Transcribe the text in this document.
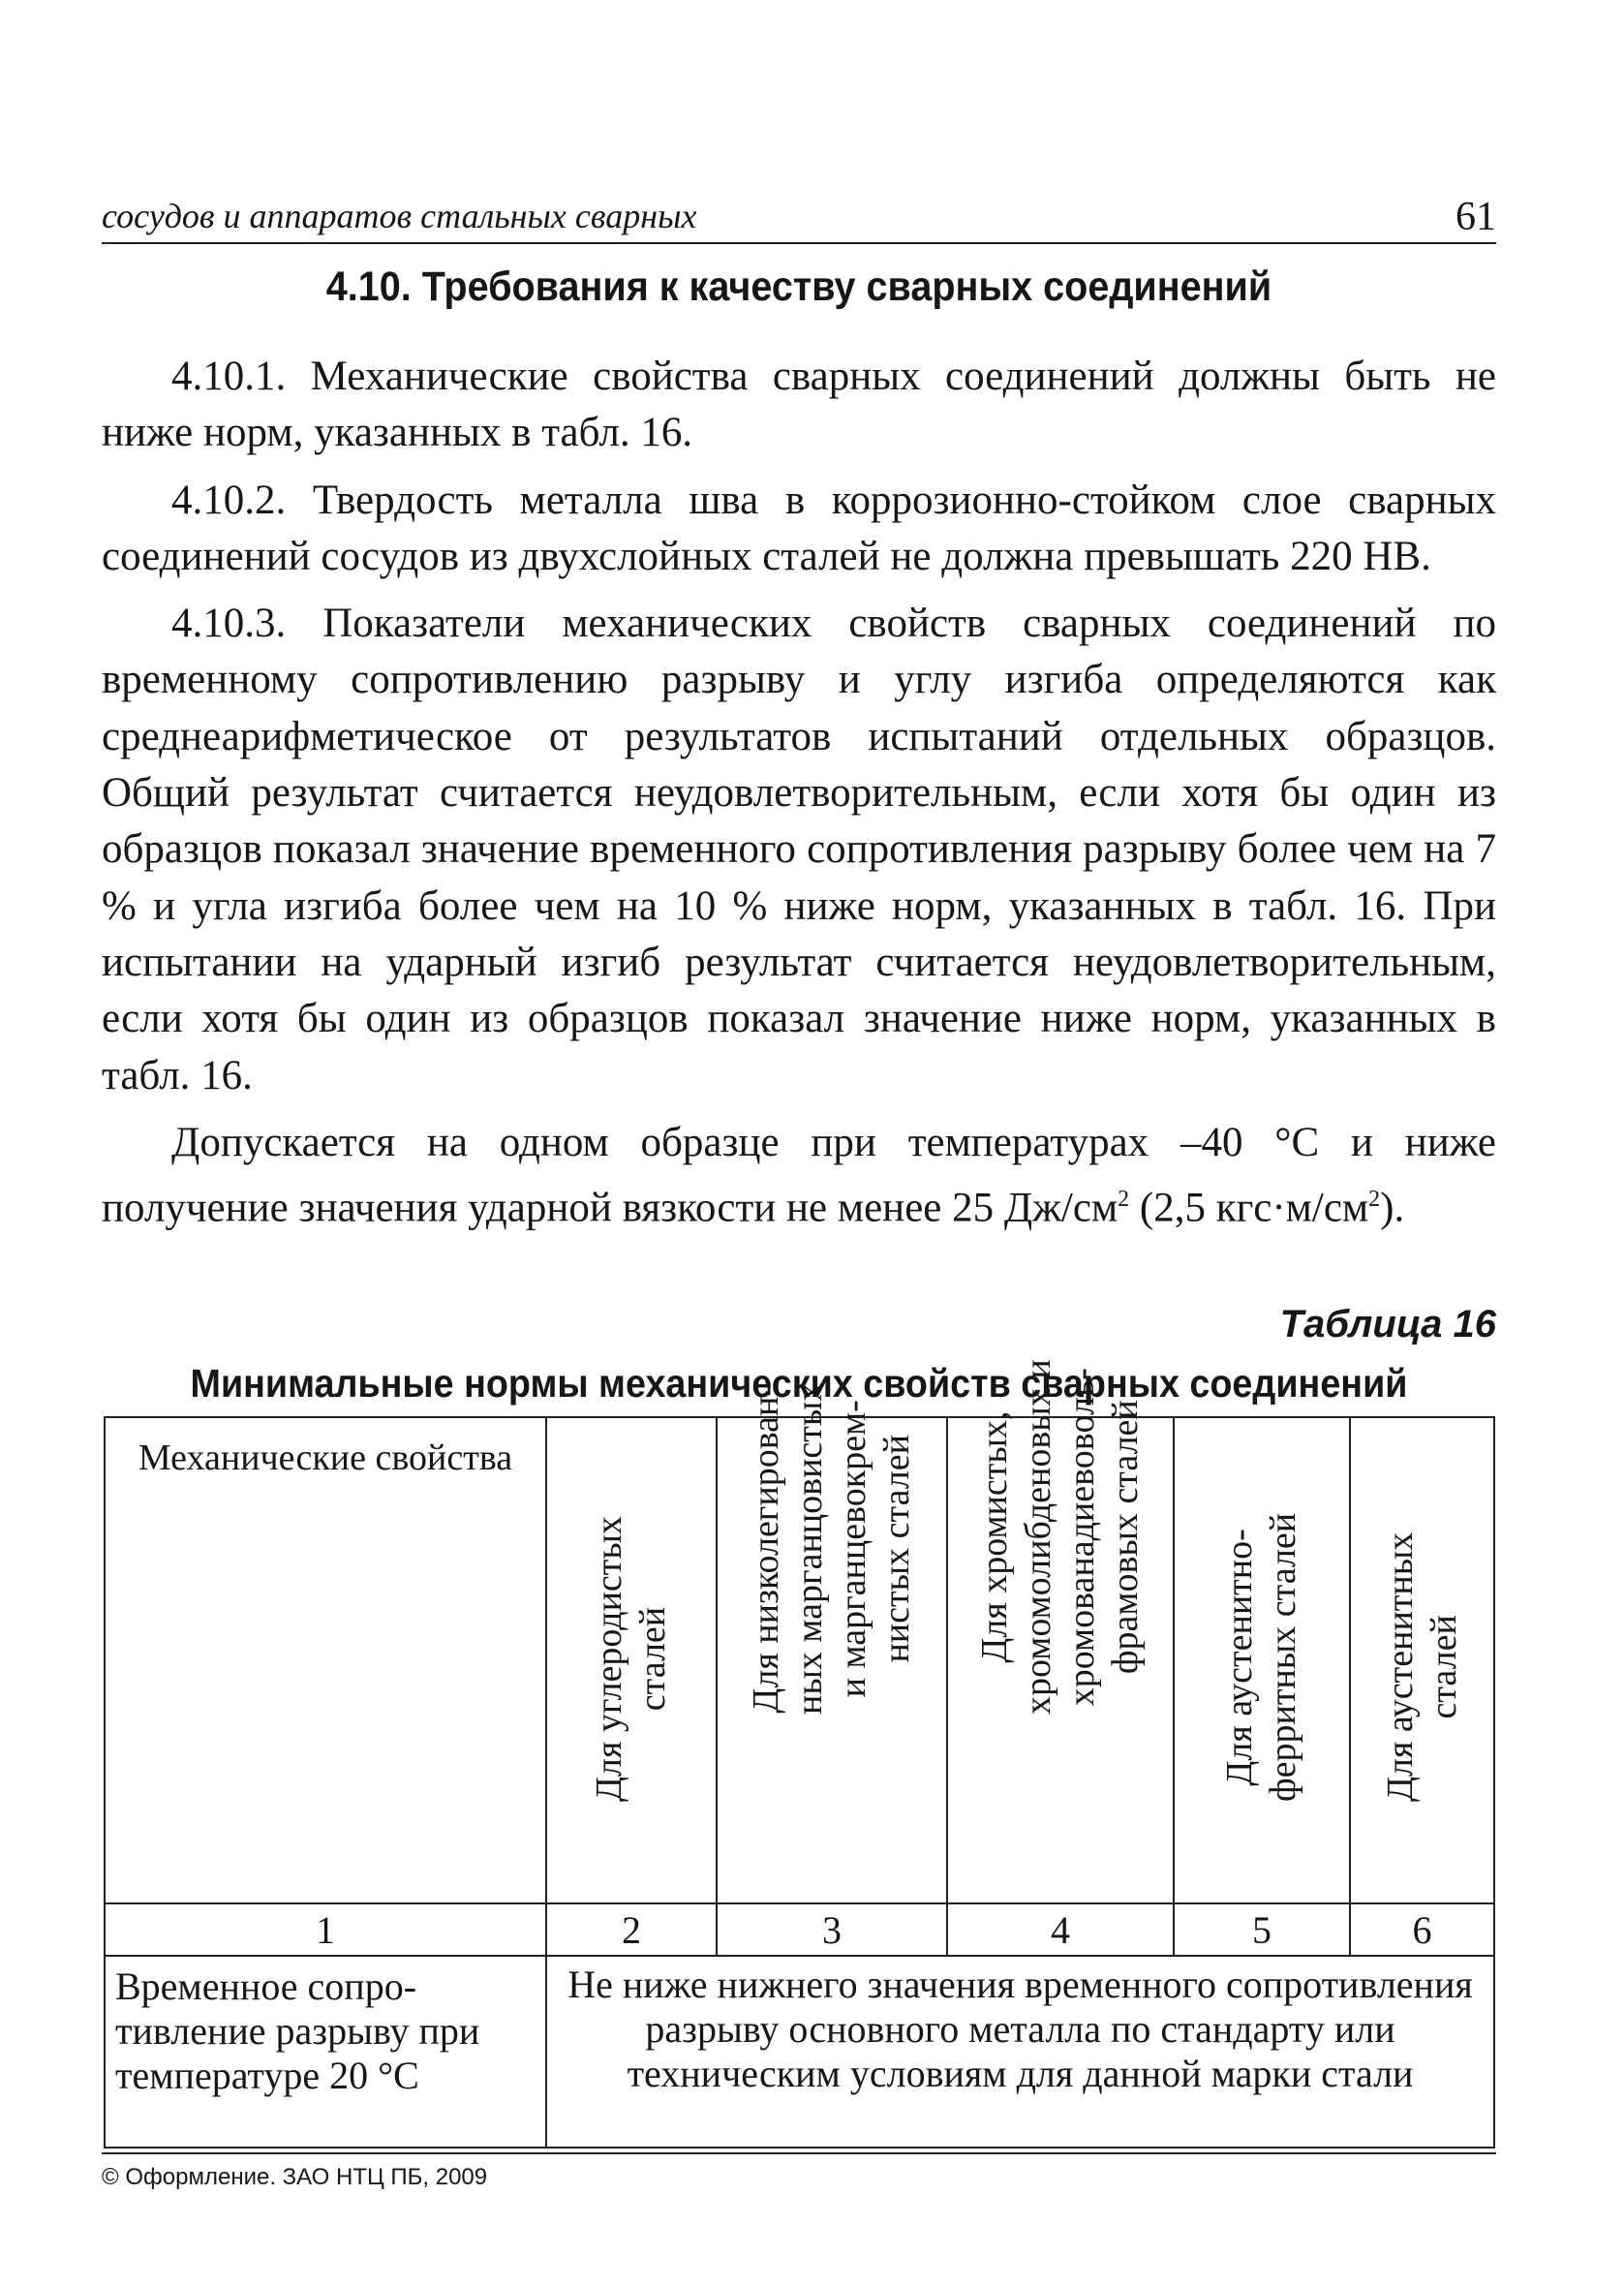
сосудов и аппаратов стальных сварных	61
4.10. Требования к качеству сварных соединений

4.10.1. Механические свойства сварных соединений должны быть не ниже норм, указанных в табл. 16.

4.10.2. Твердость металла шва в коррозионно-стойком слое сварных соединений сосудов из двухслойных сталей не должна превышать 220 НВ.

4.10.3. Показатели механических свойств сварных соединений по временному сопротивлению разрыву и углу изгиба определяются как среднеарифметическое от результатов испытаний отдельных образцов. Общий результат считается неудовлетворительным, если хотя бы один из образцов показал значение временного сопротивления разрыву более чем на 7 % и угла изгиба более чем на 10 % ниже норм, указанных в табл. 16. При испытании на ударный изгиб результат считается неудовлетворительным, если хотя бы один из образцов показал значение ниже норм, указанных в табл. 16.

Допускается на одном образце при температурах –40 °С и ниже получение значения ударной вязкости не менее 25 $Дж/см^2$ (2,5 $кгс\cdot м/см^2$).

Таблица 16
Минимальные нормы механических свойств сварных соединений
Механические свойства	Для углеродистых сталей	Для низколегирован- ных марганцовистых и марганцевокрем- нистых сталей	Для хромистых, хромомолибденовых и хромованадиевоволь- фрамовых сталей	Для аустенитно- ферритных сталей	Для аустенитных сталей

1	2	3	4	5	6
Временное сопро-тивление разрыву при температуре 20 °С	Не ниже нижнего значения временного сопротивления разрыву основного металла по стандарту или техническим условиям для данной марки стали				
© Оформление. ЗАО НТЦ ПБ, 2009
